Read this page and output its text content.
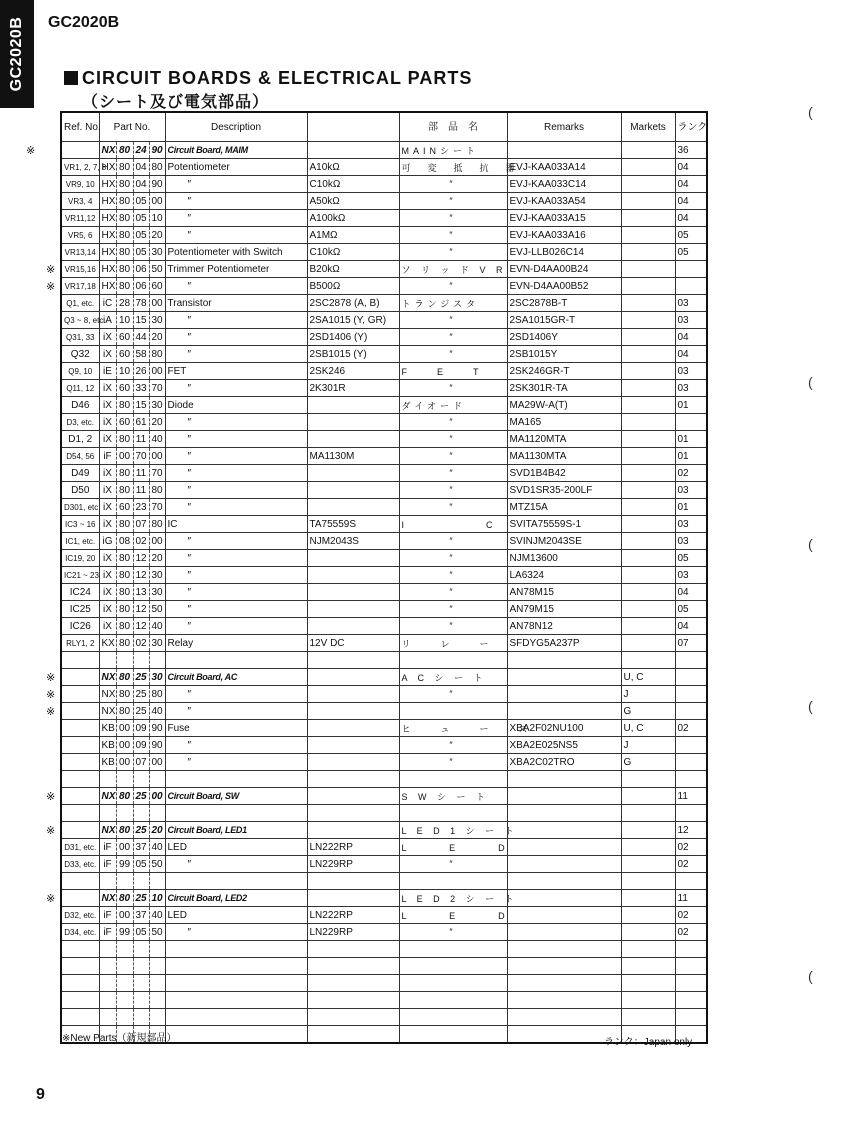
GC2020B GC2020B
CIRCUIT BOARDS & ELECTRICAL PARTS
（シート及び電気部品）
Ref. No.	Part No.				Description		部　品　名	Remarks	Markets	ランク
	NX	80	24	90	Circuit Board, MAIM		MAINシート			36
VR1, 2, 7, 8	HX	80	04	80	Potentiometer	A10kΩ	可　変　抵　抗　器	EVJ-KAA033A14		04
VR9, 10	HX	80	04	90	″	C10kΩ	″	EVJ-KAA033C14		04
VR3, 4	HX	80	05	00	″	A50kΩ	″	EVJ-KAA033A54		04
VR11,12	HX	80	05	10	″	A100kΩ	″	EVJ-KAA033A15		04
VR5, 6	HX	80	05	20	″	A1MΩ	″	EVJ-KAA033A16		05
VR13,14	HX	80	05	30	Potentiometer with Switch	C10kΩ	″	EVJ-LLB026C14		05
VR15,16	HX	80	06	50	Trimmer Potentiometer	B20kΩ	ソ リ ッ ド V R	EVN-D4AA00B24		
VR17,18	HX	80	06	60	″	B500Ω	″	EVN-D4AA00B52		
Q1, etc.	iC	28	78	00	Transistor	2SC2878 (A, B)	トランジスタ	2SC2878B-T		03
Q3 ~ 8, etc.	iA	10	15	30	″	2SA1015 (Y, GR)	″	2SA1015GR-T		03
Q31, 33	iX	60	44	20	″	2SD1406 (Y)	″	2SD1406Y		04
Q32	iX	60	58	80	″	2SB1015 (Y)	″	2SB1015Y		04
Q9, 10	iE	10	26	00	FET	2SK246	F　　E　　T	2SK246GR-T		03
Q11, 12	iX	60	33	70	″	2K301R	″	2SK301R-TA		03
D46	iX	80	15	30	Diode		ダイオード	MA29W-A(T)		01
D3, etc.	iX	60	61	20	″		″	MA165		
D1, 2	iX	80	11	40	″		″	MA1120MTA		01
D54, 56	iF	00	70	00	″	MA1130M	″	MA1130MTA		01
D49	iX	80	11	70	″		″	SVD1B4B42		02
D50	iX	80	11	80	″		″	SVD1SR35-200LF		03
D301, etc.	iX	60	23	70	″		″	MTZ15A		01
IC3 ~ 16	iX	80	07	80	IC	TA75559S	I　　　　　　C	SVITA75559S-1		03
IC1, etc.	iG	08	02	00	″	NJM2043S	″	SVINJM2043SE		03
IC19, 20	iX	80	12	20	″		″	NJM13600		05
IC21 ~ 23	iX	80	12	30	″		″	LA6324		03
IC24	iX	80	13	30	″		″	AN78M15		04
IC25	iX	80	12	50	″		″	AN79M15		05
IC26	iX	80	12	40	″		″	AN78N12		04
RLY1, 2	KX	80	02	30	Relay	12V DC	リ　　レ　　ー	SFDYG5A237P		07

	NX	80	25	30	Circuit Board, AC		A C シ ー ト		U, C	
	NX	80	25	80	″		″		J	
	NX	80	25	40	″				G	
	KB	00	09	90	Fuse		ヒ　　ュ　　ー　　ズ	XBA2F02NU100	U, C	02
	KB	00	09	90	″		″	XBA2E025NS5	J	
	KB	00	07	00	″		″	XBA2C02TRO	G	

	NX	80	25	00	Circuit Board, SW		S W シ ー ト			11

	NX	80	25	20	Circuit Board, LED1		L E D 1 シ ー ト			12
D31, etc.	iF	00	37	40	LED	LN222RP	L　　　E　　　D			02
D33, etc.	iF	99	05	50	″	LN229RP	″			02

	NX	80	25	10	Circuit Board, LED2		L E D 2 シ ー ト			11
D32, etc.	iF	00	37	40	LED	LN222RP	L　　　E　　　D			02
D34, etc.	iF	99	05	50	″	LN229RP	″			02

※
※
※
※
※
※
※
※
※
※New Parts（新規部品）	ランク：Japan only
9
(
(
(
(
(
